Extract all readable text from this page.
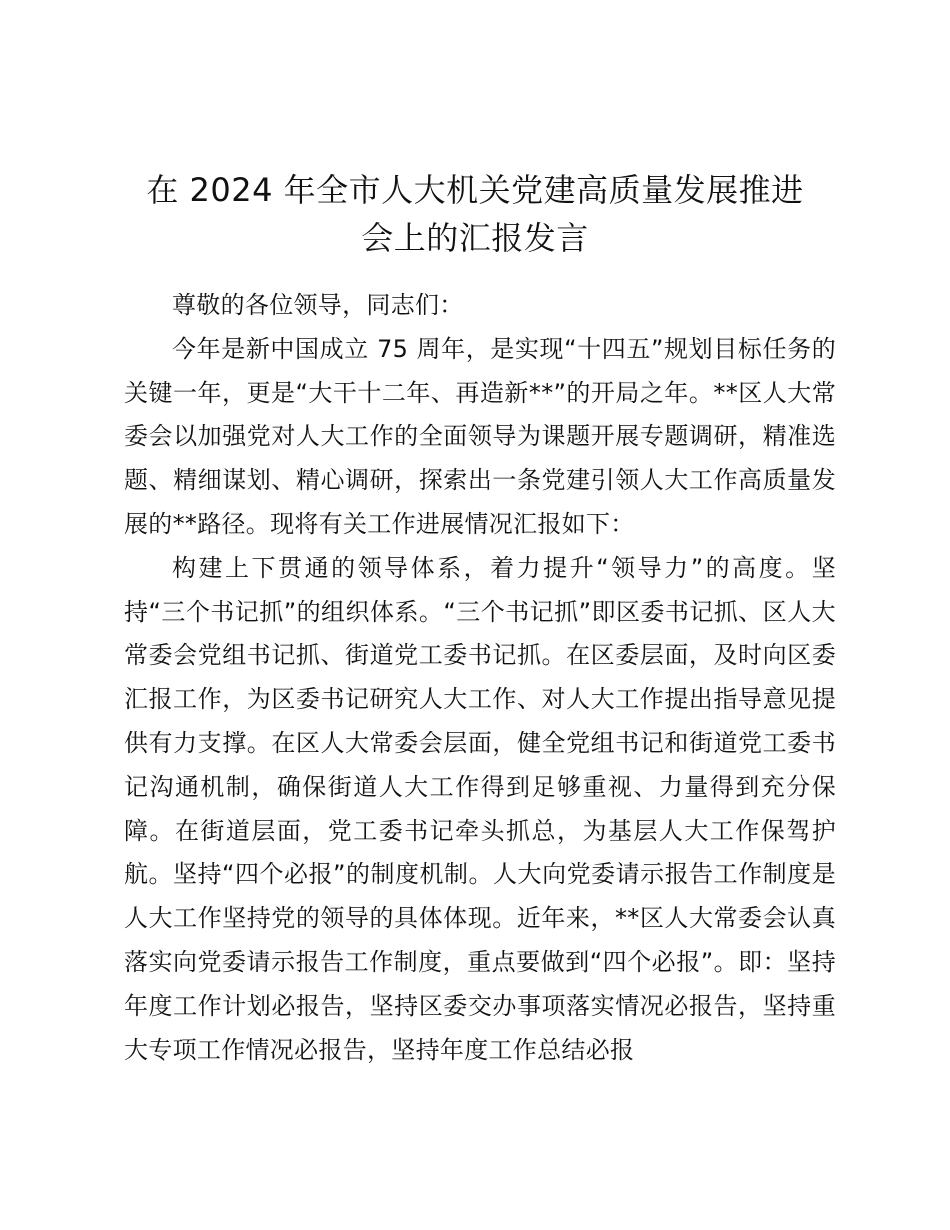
在 2024 年全市人大机关党建高质量发展推进
会上的汇报发言

尊敬的各位领导，同志们：

今年是新中国成立 75 周年，是实现“十四五”规划目标任务的关键一年，更是“大干十二年、再造新**”的开局之年。**区人大常委会以加强党对人大工作的全面领导为课题开展专题调研，精准选题、精细谋划、精心调研，探索出一条党建引领人大工作高质量发展的**路径。现将有关工作进展情况汇报如下：

构建上下贯通的领导体系，着力提升“领导力”的高度。坚持“三个书记抓”的组织体系。“三个书记抓”即区委书记抓、区人大常委会党组书记抓、街道党工委书记抓。在区委层面，及时向区委汇报工作，为区委书记研究人大工作、对人大工作提出指导意见提供有力支撑。在区人大常委会层面，健全党组书记和街道党工委书记沟通机制，确保街道人大工作得到足够重视、力量得到充分保障。在街道层面，党工委书记牵头抓总，为基层人大工作保驾护航。坚持“四个必报”的制度机制。人大向党委请示报告工作制度是人大工作坚持党的领导的具体体现。近年来，**区人大常委会认真落实向党委请示报告工作制度，重点要做到“四个必报”。即：坚持年度工作计划必报告，坚持区委交办事项落实情况必报告，坚持重大专项工作情况必报告，坚持年度工作总结必报
